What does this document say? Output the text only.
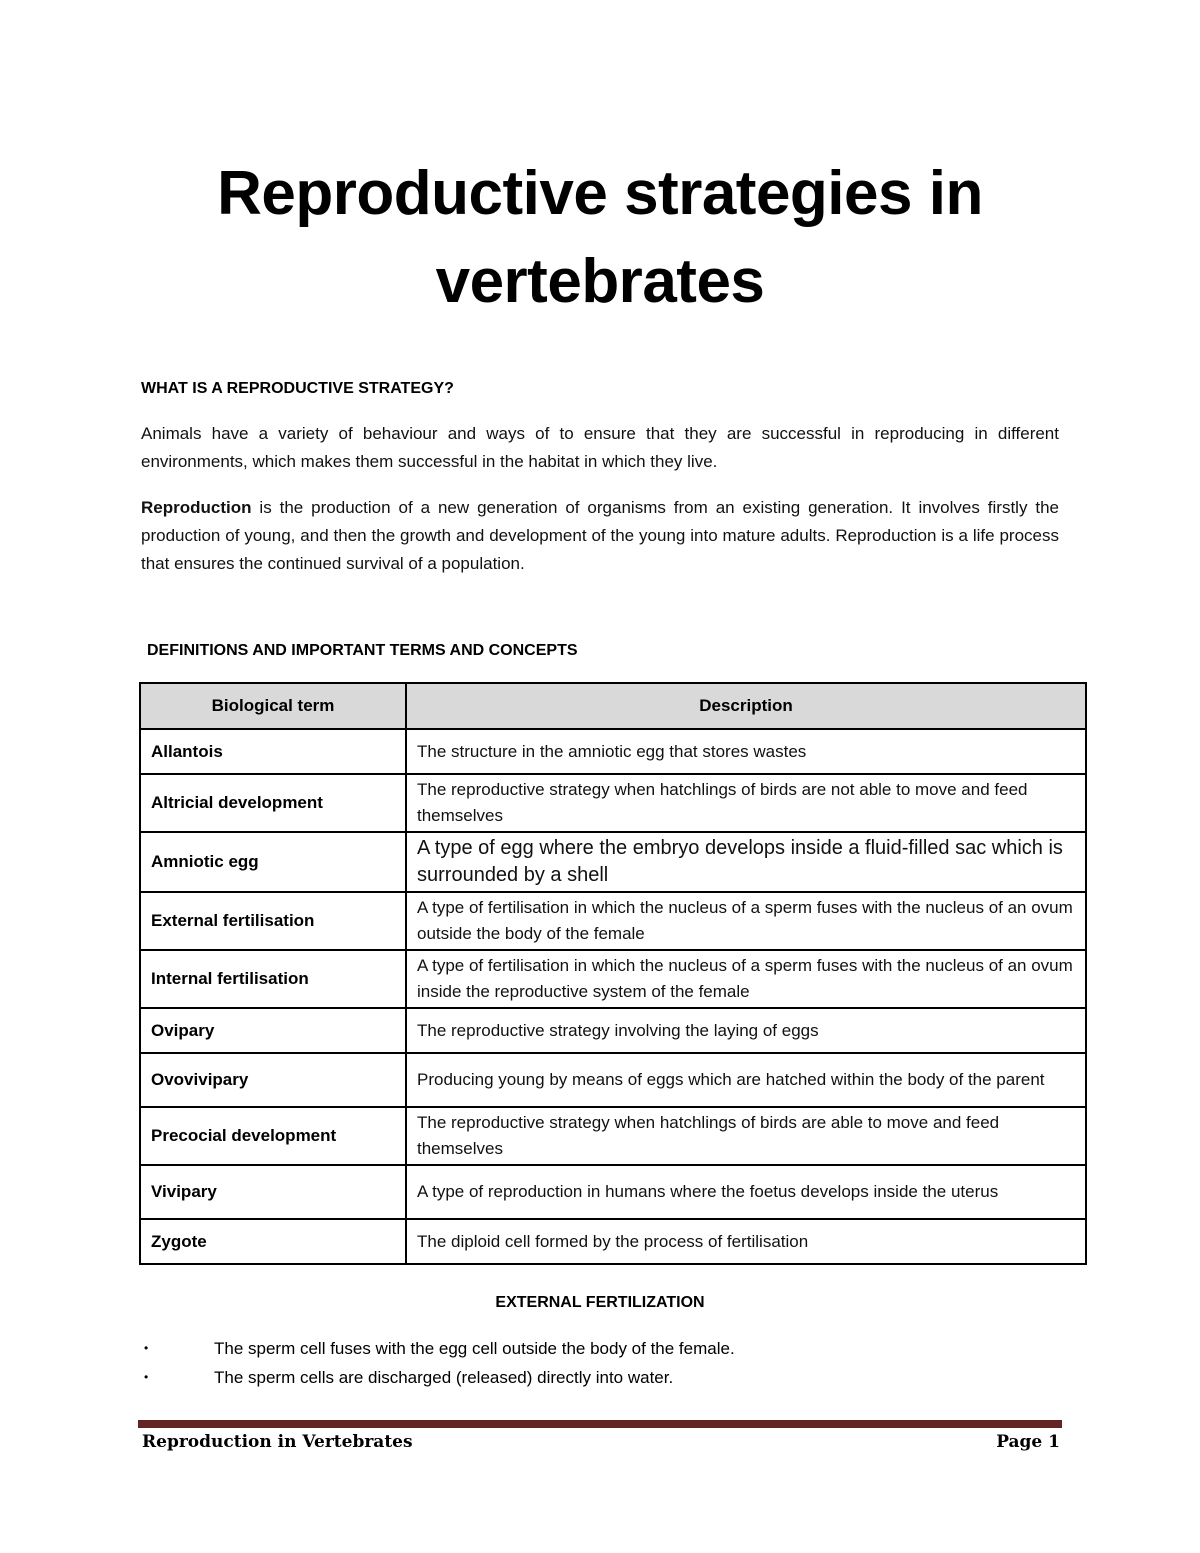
Reproductive strategies in
vertebrates
WHAT IS A REPRODUCTIVE STRATEGY?
Animals have a variety of behaviour and ways of to ensure that they are successful in reproducing in different environments, which makes them successful in the habitat in which they live.
Reproduction is the production of a new generation of organisms from an existing generation. It involves firstly the production of young, and then the growth and development of the young into mature adults. Reproduction is a life process that ensures the continued survival of a population.
DEFINITIONS AND IMPORTANT TERMS AND CONCEPTS
Biological term	Description
Allantois	The structure in the amniotic egg that stores wastes
Altricial development	The reproductive strategy when hatchlings of birds are not able to move and feed themselves
Amniotic egg	A type of egg where the embryo develops inside a fluid-filled sac which is surrounded by a shell
External fertilisation	A type of fertilisation in which the nucleus of a sperm fuses with the nucleus of an ovum outside the body of the female
Internal fertilisation	A type of fertilisation in which the nucleus of a sperm fuses with the nucleus of an ovum inside the reproductive system of the female
Ovipary	The reproductive strategy involving the laying of eggs
Ovovivipary	Producing young by means of eggs which are hatched within the body of the parent
Precocial development	The reproductive strategy when hatchlings of birds are able to move and feed themselves
Vivipary	A type of reproduction in humans where the foetus develops inside the uterus
Zygote	The diploid cell formed by the process of fertilisation
EXTERNAL FERTILIZATION
•	The sperm cell fuses with the egg cell outside the body of the female.
•	The sperm cells are discharged (released) directly into water.
Reproduction in Vertebrates	Page 1
